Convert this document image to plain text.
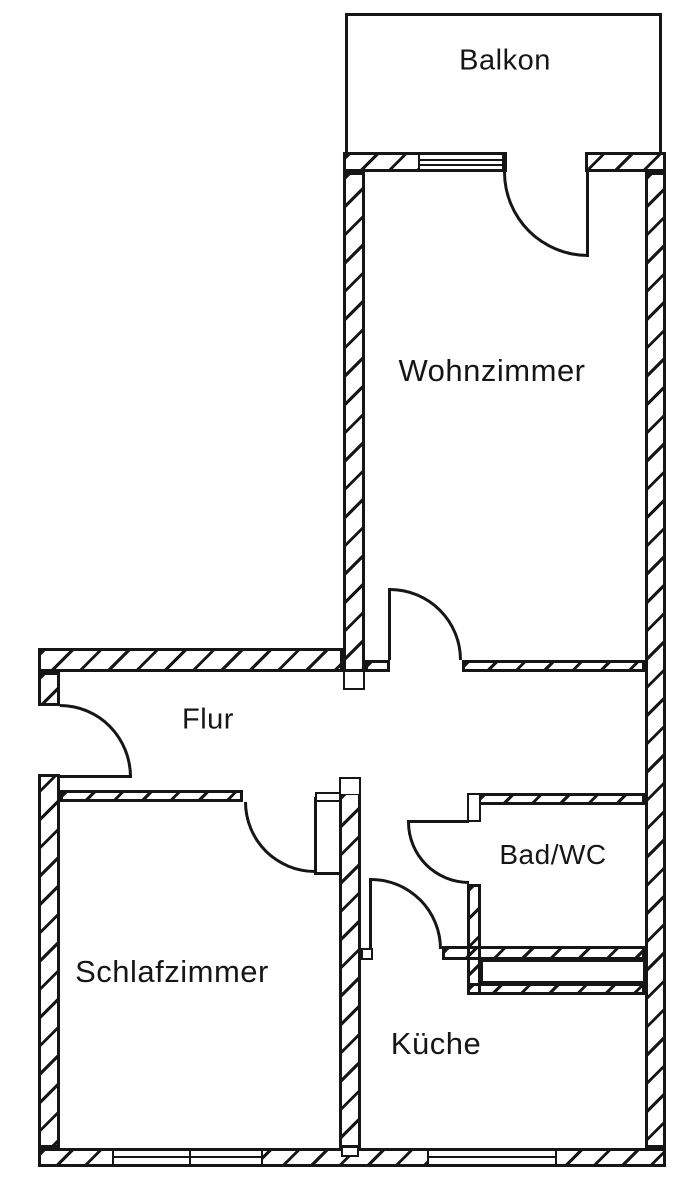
Balkon
Wohnzimmer
Flur
Bad/WC
Schlafzimmer
Küche
